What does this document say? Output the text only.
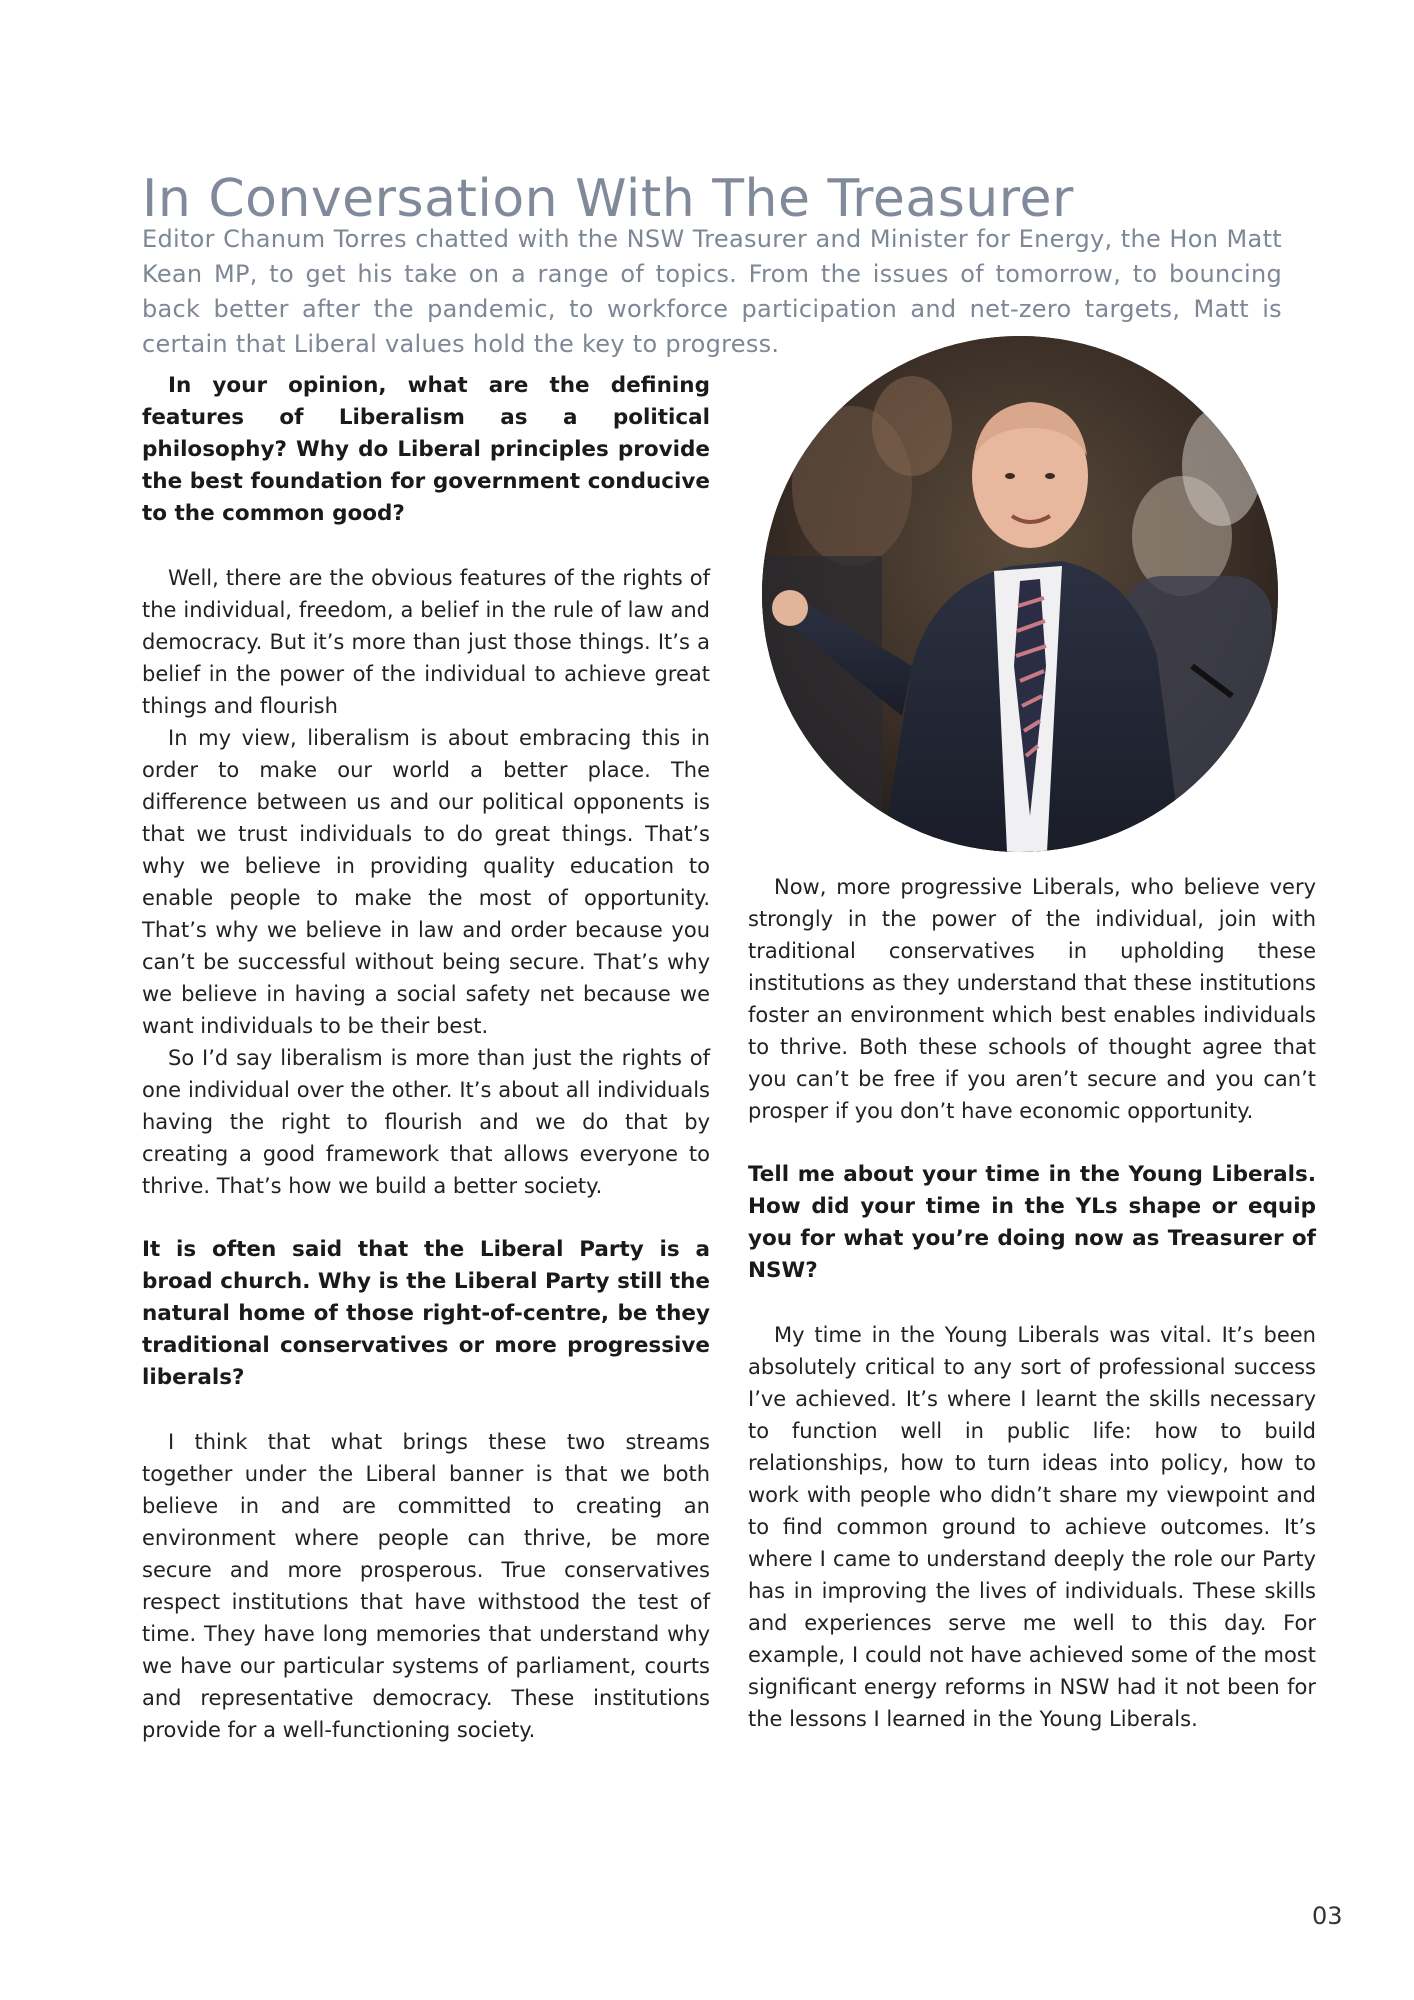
In Conversation With The Treasurer

Editor Chanum Torres chatted with the NSW Treasurer and Minister for Energy, the Hon Matt Kean MP, to get his take on a range of topics. From the issues of tomorrow, to bouncing back better after the pandemic, to workforce participation and net-zero targets, Matt is certain that Liberal values hold the key to progress.

In your opinion, what are the defining features of Liberalism as a political philosophy? Why do Liberal principles provide the best foundation for government conducive to the common good?

Well, there are the obvious features of the rights of the individual, freedom, a belief in the rule of law and democracy. But it’s more than just those things. It’s a belief in the power of the individual to achieve great things and flourish

In my view, liberalism is about embracing this in order to make our world a better place. The difference between us and our political opponents is that we trust individuals to do great things. That’s why we believe in providing quality education to enable people to make the most of opportunity. That’s why we believe in law and order because you can’t be successful without being secure. That’s why we believe in having a social safety net because we want individuals to be their best.

So I’d say liberalism is more than just the rights of one individual over the other. It’s about all individuals having the right to flourish and we do that by creating a good framework that allows everyone to thrive. That’s how we build a better society.

It is often said that the Liberal Party is a broad church. Why is the Liberal Party still the natural home of those right-of-centre, be they traditional conservatives or more progressive liberals?

I think that what brings these two streams together under the Liberal banner is that we both believe in and are committed to creating an environment where people can thrive, be more secure and more prosperous. True conservatives respect institutions that have withstood the test of time. They have long memories that understand why we have our particular systems of parliament, courts and representative democracy. These institutions provide for a well-functioning society.

Now, more progressive Liberals, who believe very strongly in the power of the individual, join with traditional conservatives in upholding these institutions as they understand that these institutions foster an environment which best enables individuals to thrive. Both these schools of thought agree that you can’t be free if you aren’t secure and you can’t prosper if you don’t have economic opportunity.

Tell me about your time in the Young Liberals. How did your time in the YLs shape or equip you for what you’re doing now as Treasurer of NSW?

My time in the Young Liberals was vital. It’s been absolutely critical to any sort of professional success I’ve achieved. It’s where I learnt the skills necessary to function well in public life: how to build relationships, how to turn ideas into policy, how to work with people who didn’t share my viewpoint and to find common ground to achieve outcomes. It’s where I came to understand deeply the role our Party has in improving the lives of individuals. These skills and experiences serve me well to this day. For example, I could not have achieved some of the most significant energy reforms in NSW had it not been for the lessons I learned in the Young Liberals.

03
